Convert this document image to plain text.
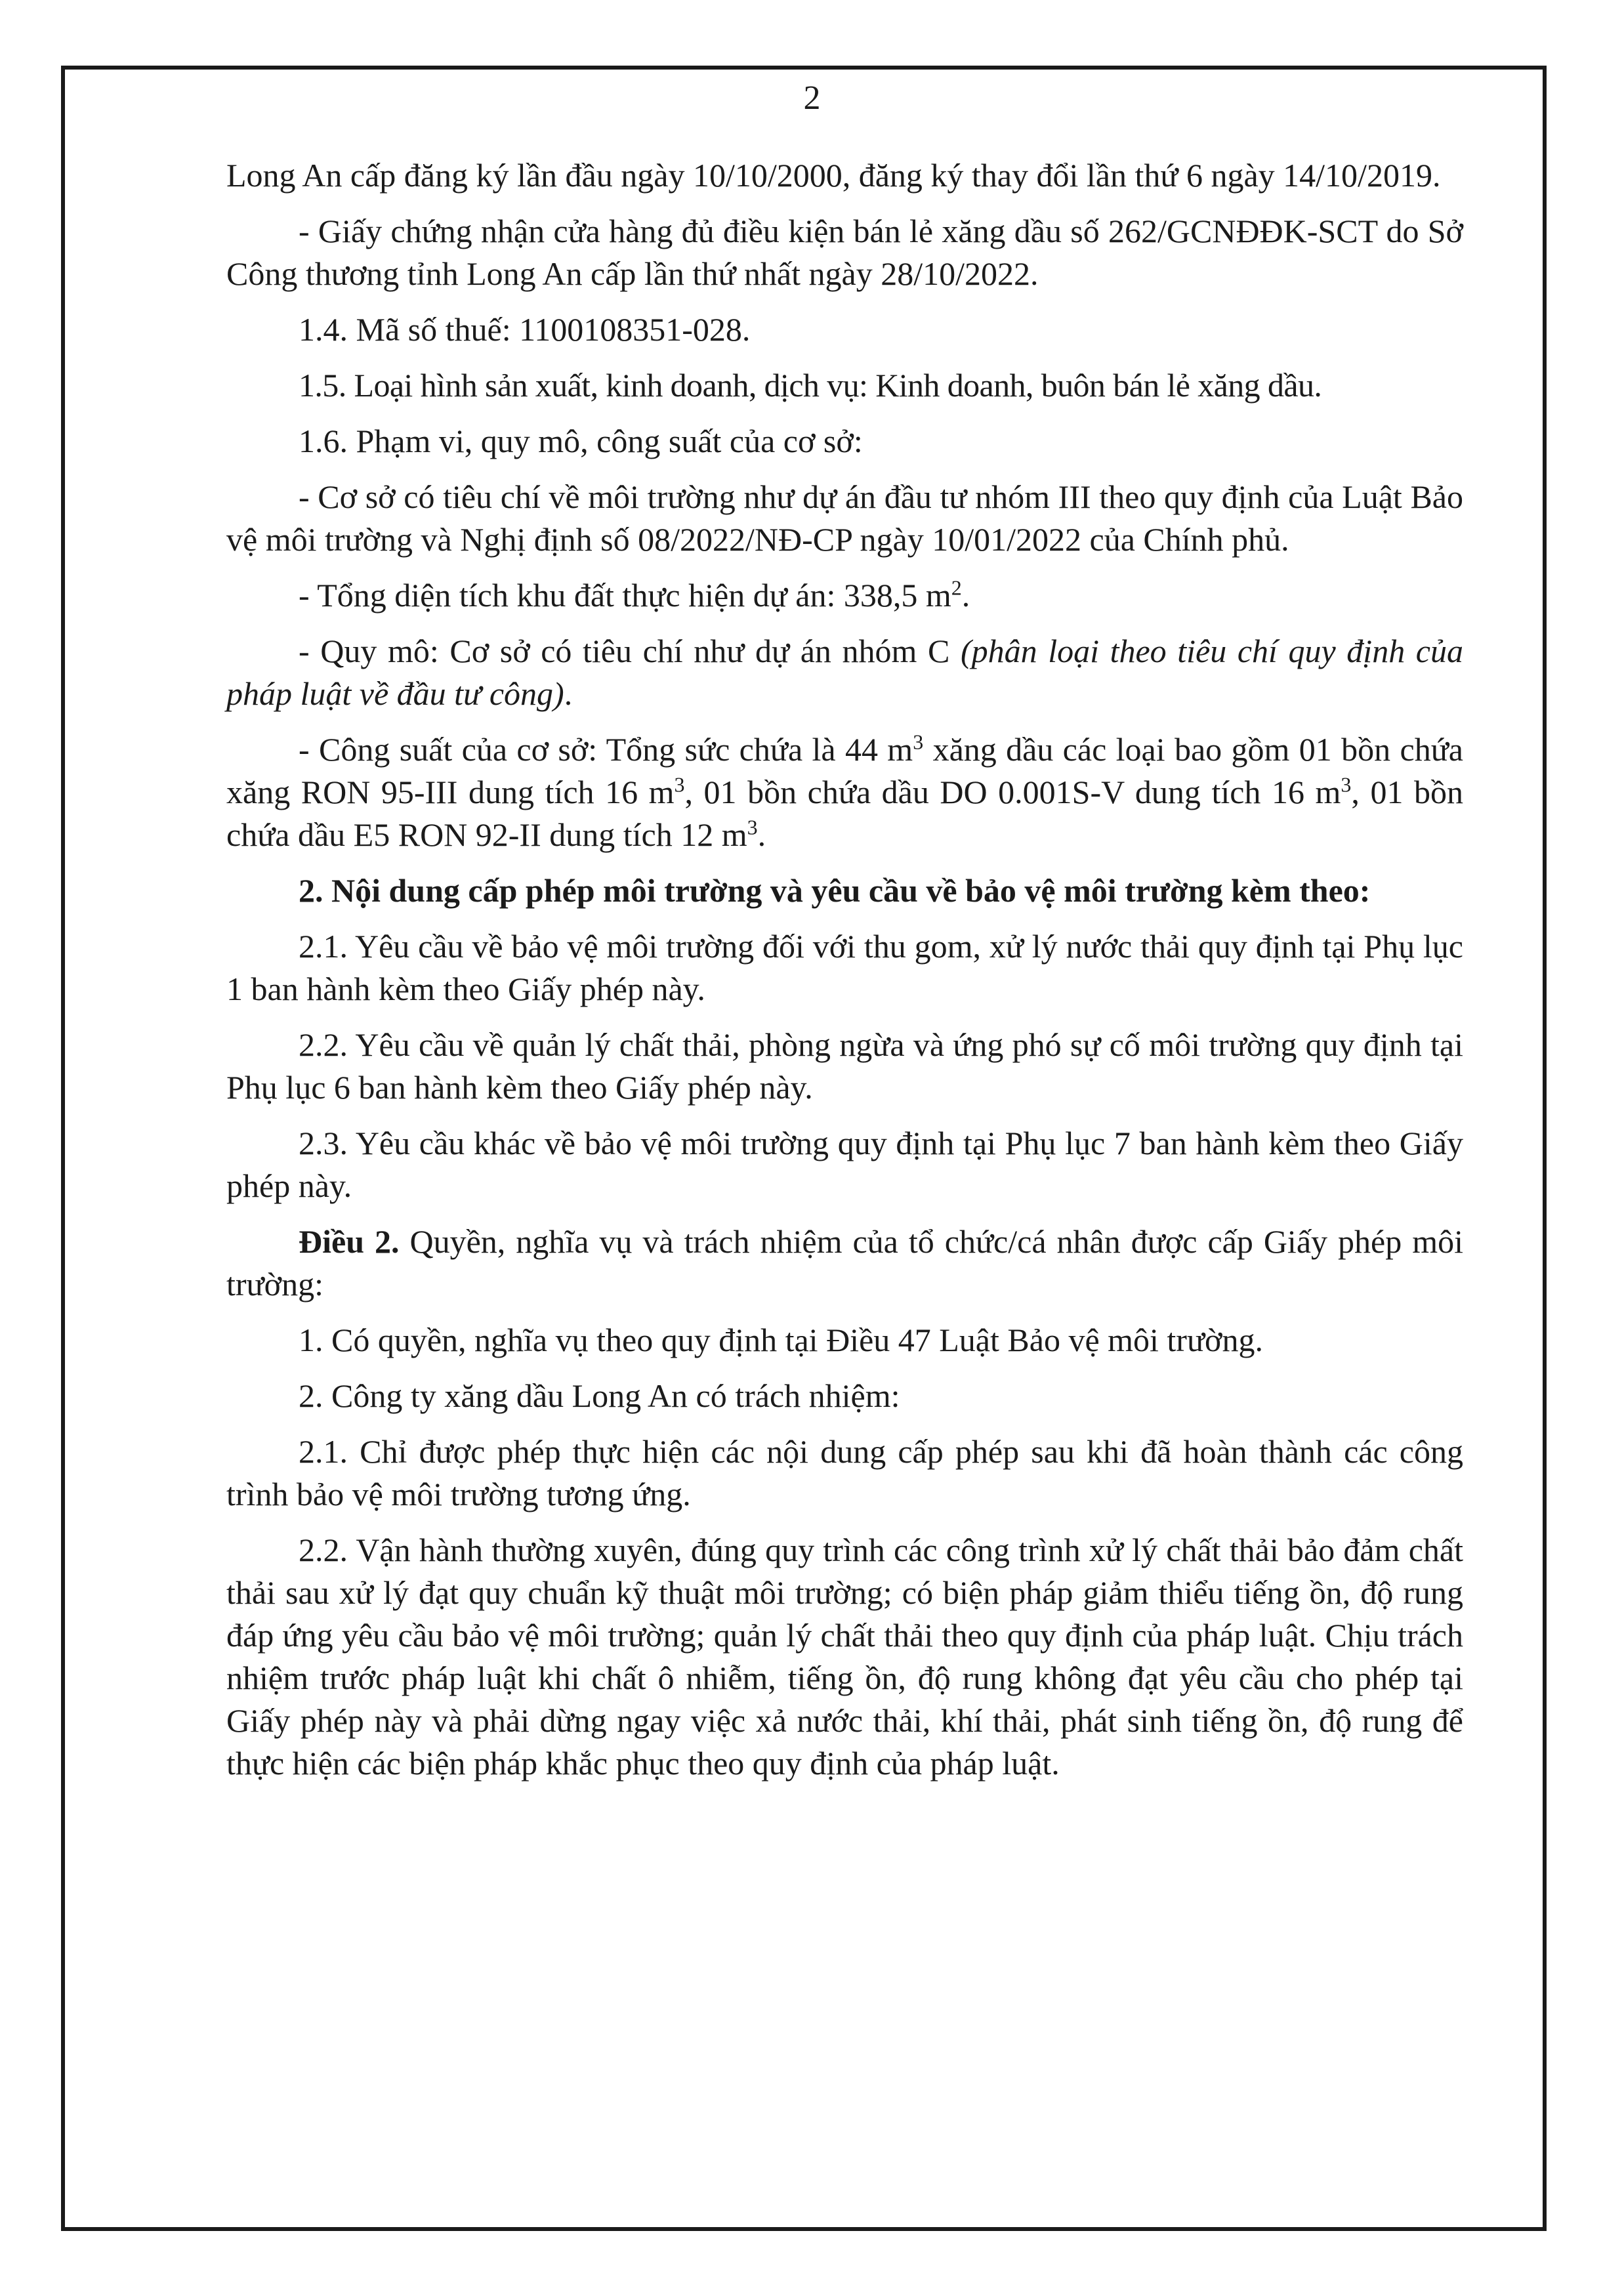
2

Long An cấp đăng ký lần đầu ngày 10/10/2000, đăng ký thay đổi lần thứ 6 ngày 14/10/2019.

- Giấy chứng nhận cửa hàng đủ điều kiện bán lẻ xăng dầu số 262/GCNĐĐK-SCT do Sở Công thương tỉnh Long An cấp lần thứ nhất ngày 28/10/2022.

1.4. Mã số thuế: 1100108351-028.

1.5. Loại hình sản xuất, kinh doanh, dịch vụ: Kinh doanh, buôn bán lẻ xăng dầu.

1.6. Phạm vi, quy mô, công suất của cơ sở:

- Cơ sở có tiêu chí về môi trường như dự án đầu tư nhóm III theo quy định của Luật Bảo vệ môi trường và Nghị định số 08/2022/NĐ-CP ngày 10/01/2022 của Chính phủ.

- Tổng diện tích khu đất thực hiện dự án: 338,5 $m^2$.

- Quy mô: Cơ sở có tiêu chí như dự án nhóm C (phân loại theo tiêu chí quy định của pháp luật về đầu tư công).

- Công suất của cơ sở: Tổng sức chứa là 44 $m^3$ xăng dầu các loại bao gồm 01 bồn chứa xăng RON 95-III dung tích 16 $m^3$, 01 bồn chứa dầu DO 0.001S-V dung tích 16 $m^3$, 01 bồn chứa dầu E5 RON 92-II dung tích 12 $m^3$.

2. Nội dung cấp phép môi trường và yêu cầu về bảo vệ môi trường kèm theo:

2.1. Yêu cầu về bảo vệ môi trường đối với thu gom, xử lý nước thải quy định tại Phụ lục 1 ban hành kèm theo Giấy phép này.

2.2. Yêu cầu về quản lý chất thải, phòng ngừa và ứng phó sự cố môi trường quy định tại Phụ lục 6 ban hành kèm theo Giấy phép này.

2.3. Yêu cầu khác về bảo vệ môi trường quy định tại Phụ lục 7 ban hành kèm theo Giấy phép này.

Điều 2. Quyền, nghĩa vụ và trách nhiệm của tổ chức/cá nhân được cấp Giấy phép môi trường:

1. Có quyền, nghĩa vụ theo quy định tại Điều 47 Luật Bảo vệ môi trường.

2. Công ty xăng dầu Long An có trách nhiệm:

2.1. Chỉ được phép thực hiện các nội dung cấp phép sau khi đã hoàn thành các công trình bảo vệ môi trường tương ứng.

2.2. Vận hành thường xuyên, đúng quy trình các công trình xử lý chất thải bảo đảm chất thải sau xử lý đạt quy chuẩn kỹ thuật môi trường; có biện pháp giảm thiểu tiếng ồn, độ rung đáp ứng yêu cầu bảo vệ môi trường; quản lý chất thải theo quy định của pháp luật. Chịu trách nhiệm trước pháp luật khi chất ô nhiễm, tiếng ồn, độ rung không đạt yêu cầu cho phép tại Giấy phép này và phải dừng ngay việc xả nước thải, khí thải, phát sinh tiếng ồn, độ rung để thực hiện các biện pháp khắc phục theo quy định của pháp luật.
